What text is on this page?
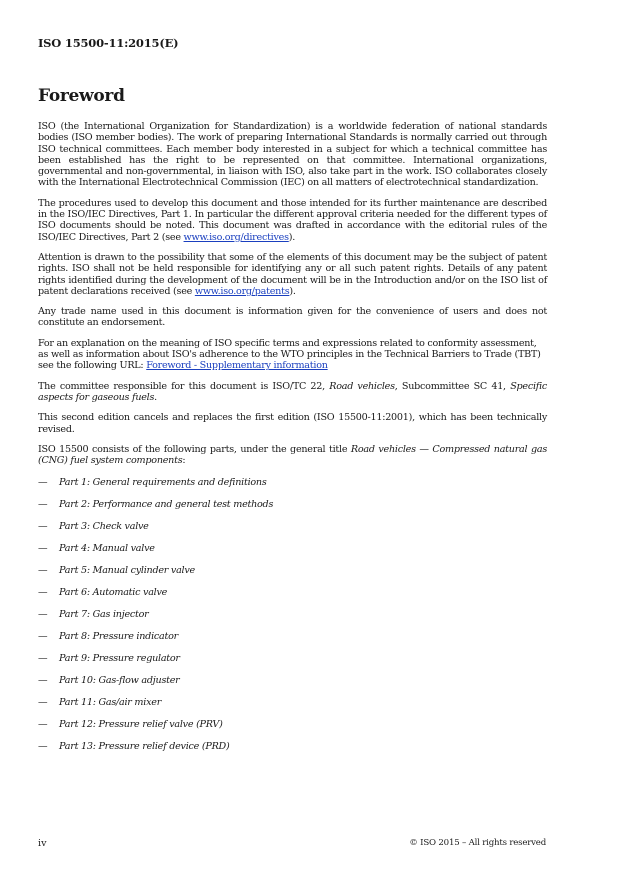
ISO 15500-11:2015(E)
Foreword

ISO (the International Organization for Standardization) is a worldwide federation of national standards bodies (ISO member bodies). The work of preparing International Standards is normally carried out through ISO technical committees. Each member body interested in a subject for which a technical committee has been established has the right to be represented on that committee. International organizations, governmental and non-governmental, in liaison with ISO, also take part in the work. ISO collaborates closely with the International Electrotechnical Commission (IEC) on all matters of electrotechnical standardization.

The procedures used to develop this document and those intended for its further maintenance are described in the ISO/IEC Directives, Part 1. In particular the different approval criteria needed for the different types of ISO documents should be noted. This document was drafted in accordance with the editorial rules of the ISO/IEC Directives, Part 2 (see www.iso.org/directives).

Attention is drawn to the possibility that some of the elements of this document may be the subject of patent rights. ISO shall not be held responsible for identifying any or all such patent rights. Details of any patent rights identified during the development of the document will be in the Introduction and/or on the ISO list of patent declarations received (see www.iso.org/patents).

Any trade name used in this document is information given for the convenience of users and does not constitute an endorsement.

For an explanation on the meaning of ISO specific terms and expressions related to conformity assessment, as well as information about ISO's adherence to the WTO principles in the Technical Barriers to Trade (TBT) see the following URL: Foreword - Supplementary information

The committee responsible for this document is ISO/TC 22, Road vehicles, Subcommittee SC 41, Specific aspects for gaseous fuels.

This second edition cancels and replaces the first edition (ISO 15500-11:2001), which has been technically revised.

ISO 15500 consists of the following parts, under the general title Road vehicles — Compressed natural gas (CNG) fuel system components:

—	Part 1: General requirements and definitions
—	Part 2: Performance and general test methods
—	Part 3: Check valve
—	Part 4: Manual valve
—	Part 5: Manual cylinder valve
—	Part 6: Automatic valve
—	Part 7: Gas injector
—	Part 8: Pressure indicator
—	Part 9: Pressure regulator
—	Part 10: Gas-flow adjuster
—	Part 11: Gas/air mixer
—	Part 12: Pressure relief valve (PRV)
—	Part 13: Pressure relief device (PRD)
iv	© ISO 2015 – All rights reserved
